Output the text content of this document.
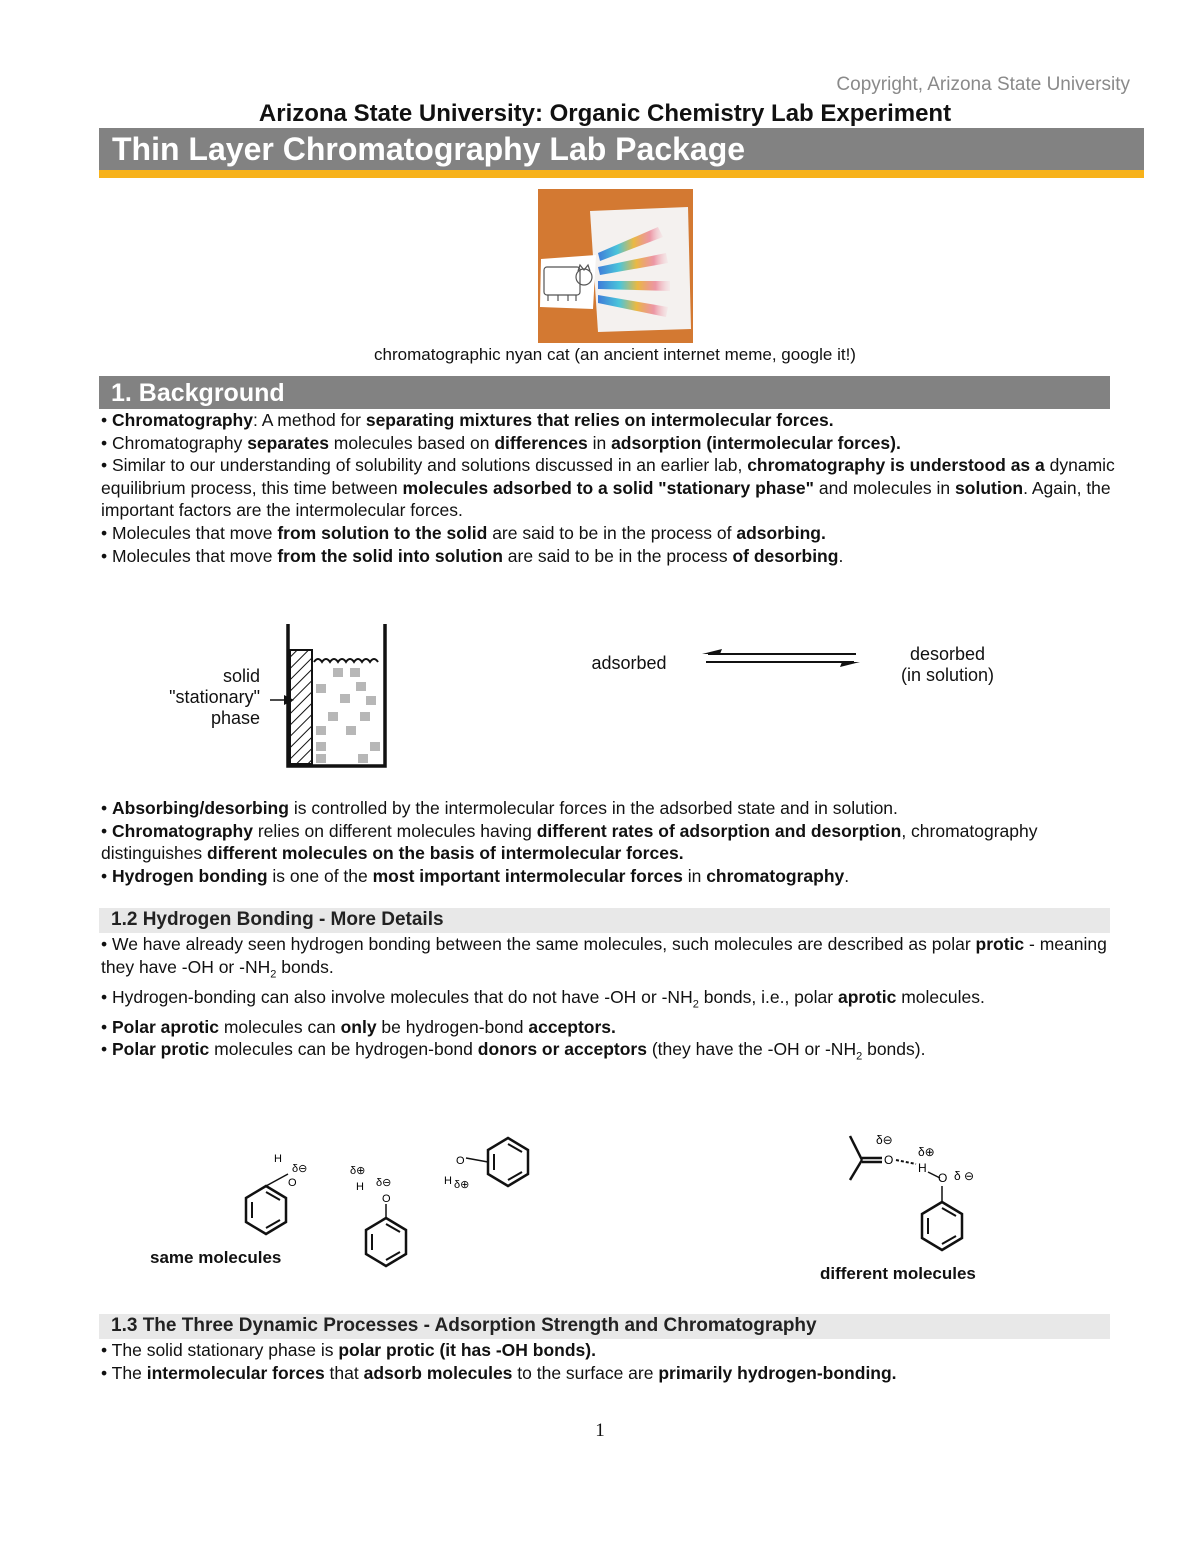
Copyright, Arizona State University
Arizona State University: Organic Chemistry Lab Experiment
Thin Layer Chromatography Lab Package
chromatographic nyan cat (an ancient internet meme, google it!)
1. Background

• Chromatography: A method for separating mixtures that relies on intermolecular forces.

• Chromatography separates molecules based on differences in adsorption (intermolecular forces).

• Similar to our understanding of solubility and solutions discussed in an earlier lab, chromatography is understood as a dynamic equilibrium process, this time between molecules adsorbed to a solid "stationary phase" and molecules in solution. Again, the important factors are the intermolecular forces.

• Molecules that move from solution to the solid are said to be in the process of adsorbing.

• Molecules that move from the solid into solution are said to be in the process of desorbing.

solid
"stationary"
phase
adsorbed	desorbed
(in solution)

• Absorbing/desorbing is controlled by the intermolecular forces in the adsorbed state and in solution.

• Chromatography relies on different molecules having different rates of adsorption and desorption, chromatography distinguishes different molecules on the basis of intermolecular forces.

• Hydrogen bonding is one of the most important intermolecular forces in chromatography.

1.2 Hydrogen Bonding - More Details

• We have already seen hydrogen bonding between the same molecules, such molecules are described as polar protic - meaning they have -OH or $-NH_2$ bonds.

• Hydrogen-bonding can also involve molecules that do not have -OH or $-NH_2$ bonds, i.e., polar aprotic molecules.

• Polar aprotic molecules can only be hydrogen-bond acceptors.

• Polar protic molecules can be hydrogen-bond donors or acceptors (they have the -OH or $-NH_2$ bonds).

O
H
δ⊖
O
H
δ⊕
δ⊖
O
H δ⊕
same molecules
O
δ⊖
H
δ⊕
O δ ⊖
different molecules
1.3 The Three Dynamic Processes - Adsorption Strength and Chromatography

• The solid stationary phase is polar protic (it has -OH bonds).

• The intermolecular forces that adsorb molecules to the surface are primarily hydrogen-bonding.

1
